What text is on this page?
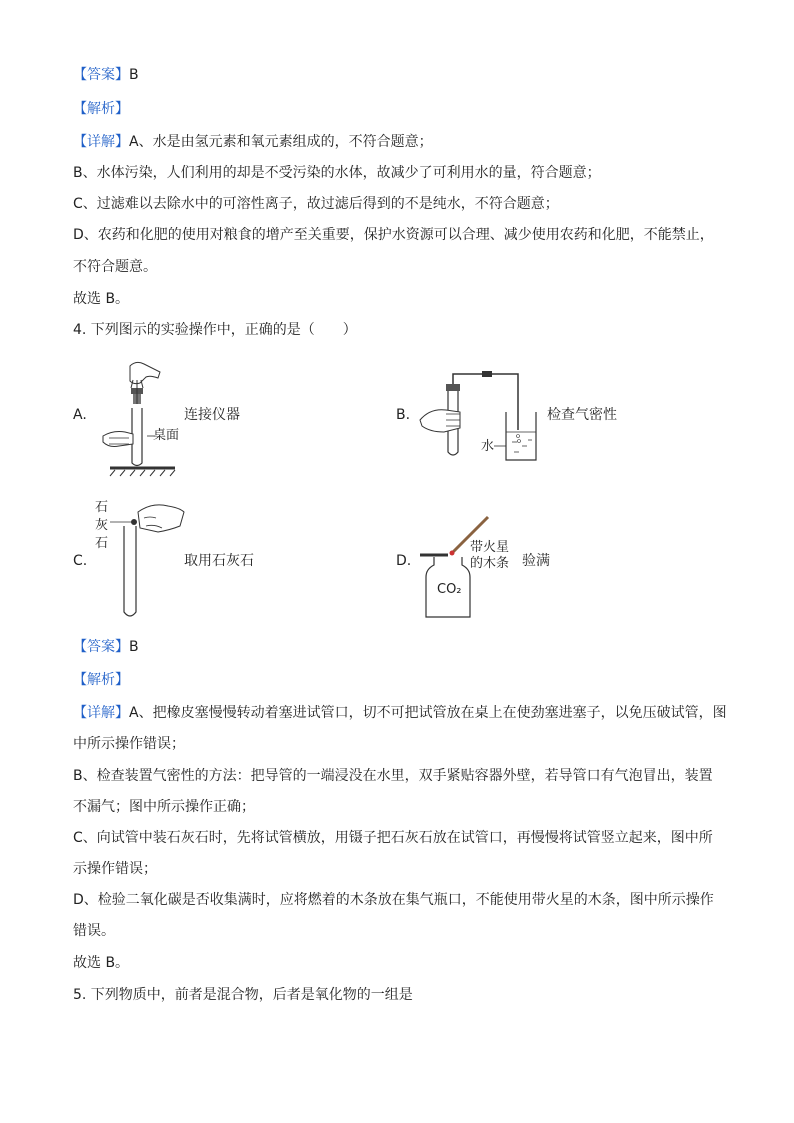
【答案】B
【解析】
【详解】A、水是由氢元素和氧元素组成的，不符合题意；
B、水体污染，人们利用的却是不受污染的水体，故减少了可利用水的量，符合题意；
C、过滤难以去除水中的可溶性离子，故过滤后得到的不是纯水，不符合题意；
D、农药和化肥的使用对粮食的增产至关重要，保护水资源可以合理、减少使用农药和化肥，不能禁止，
不符合题意。
故选 B。
4. 下列图示的实验操作中，正确的是（　　）
A.
桌面
连接仪器	B.
水
检查气密性
石
灰
石
C.	取用石灰石	D.
CO₂
带火星
的木条 验满
【答案】B
【解析】
【详解】A、把橡皮塞慢慢转动着塞进试管口，切不可把试管放在桌上在使劲塞进塞子，以免压破试管，图
中所示操作错误；
B、检查装置气密性的方法：把导管的一端浸没在水里，双手紧贴容器外壁，若导管口有气泡冒出，装置
不漏气；图中所示操作正确；
C、向试管中装石灰石时，先将试管横放，用镊子把石灰石放在试管口，再慢慢将试管竖立起来，图中所
示操作错误；
D、检验二氧化碳是否收集满时，应将燃着的木条放在集气瓶口，不能使用带火星的木条，图中所示操作
错误。
故选 B。
5. 下列物质中，前者是混合物，后者是氧化物的一组是
